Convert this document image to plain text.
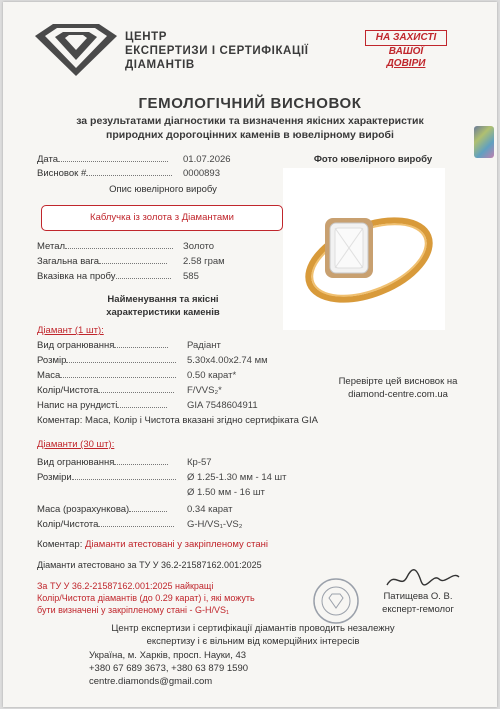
ЦЕНТР
ЕКСПЕРТИЗИ І СЕРТИФІКАЦІЇ
ДІАМАНТІВ
НА ЗАХИСТІ
ВАШОЇ
ДОВІРИ
ГЕМОЛОГІЧНИЙ ВИСНОВОК
за результатами діагностики та визначення якісних характеристик
природних дорогоцінних каменів в ювелірному виробі
Дата	01.07.2026
Висновок #	0000893
Фото ювелірного виробу
Опис ювелірного виробу
Каблучка із золота з Діамантами
Метал	Золото
Загальна вага	2.58 грам
Вказівка на пробу	585
Найменування та якісні
характеристики каменів
Діамант (1 шт):
Вид огранювання	Радіант
Розмір	5.30x4.00x2.74 мм
Маса	0.50 карат*
Колір/Чистота	F/VVS₂*
Напис на рундисті	GIA 7548604911
Коментар: Маса, Колір і Чистота вказані згідно сертифіката GIA
Перевірте цей висновок на
diamond-centre.com.ua
Діаманти (30 шт):
Вид огранювання	Кр-57
Розміри	Ø 1.25-1.30 мм - 14 шт
Ø 1.50 мм - 16 шт
Маса (розрахункова)	0.34 карат
Колір/Чистота	G-H/VS₁-VS₂
Коментар: Діаманти атестовані у закріпленому стані
Діаманти атестовано за ТУ У 36.2-21587162.001:2025
За ТУ У 36.2-21587162.001:2025 найкращі
Колір/Чистота діамантів (до 0.29 карат) і, які можуть
бути визначені у закріпленому стані - G-H/VS₁
Патищева О. В.
експерт-гемолог
Центр експертизи і сертифікації діамантів проводить незалежну
експертизу і є вільним від комерційних інтересів
Україна, м. Харків, просп. Науки, 43
+380 67 689 3673, +380 63 879 1590
centre.diamonds@gmail.com
